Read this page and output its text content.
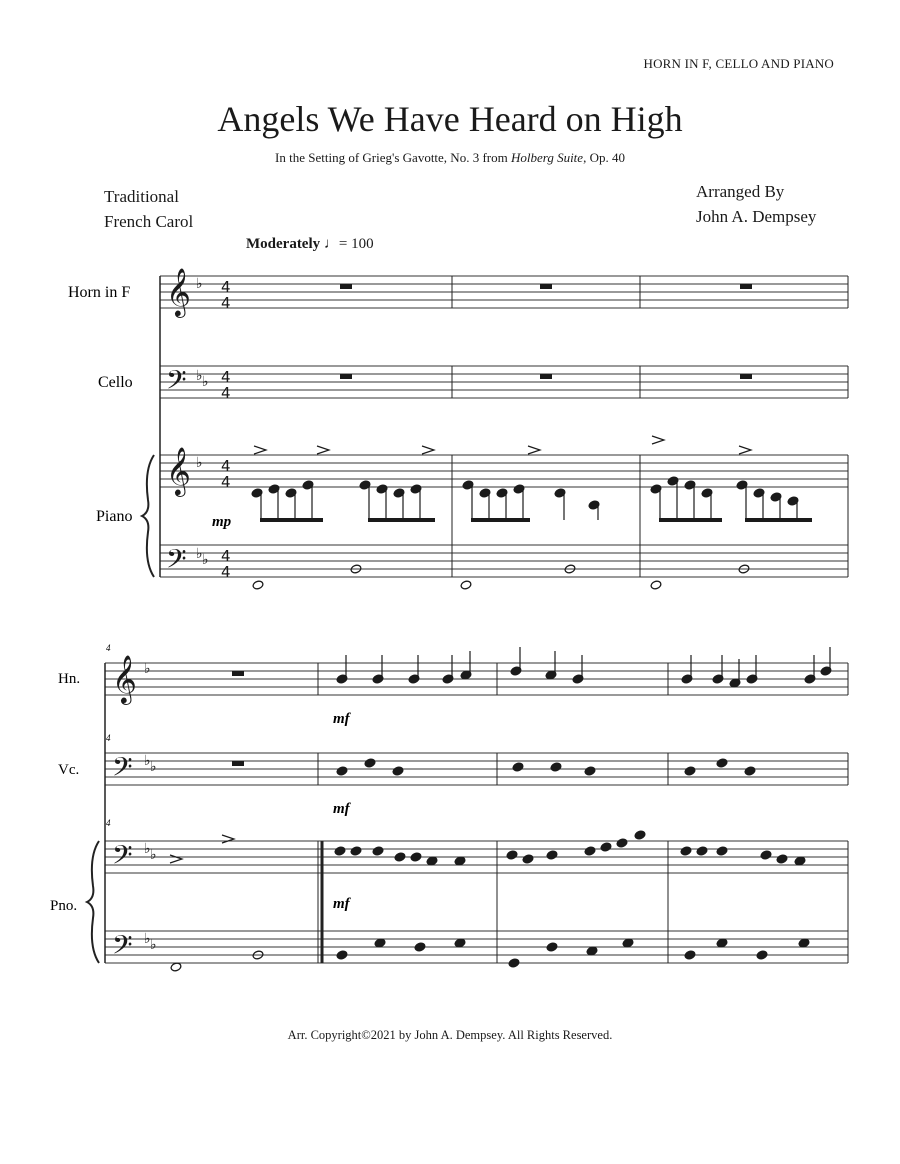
HORN IN F, CELLO AND PIANO
Angels We Have Heard on High
In the Setting of Grieg's Gavotte, No. 3 from Holberg Suite, Op. 40
Traditional
French Carol
Arranged By
John A. Dempsey
Moderately ♩= 100
𝄞
𝄢
𝄞
𝄢
𝄞
𝄢
𝄢
𝄢
♭
♭
♭
♭
♭
♭
♭
♭
♭
♭
♭
♭
♭
4
4
4
4
4
4
4
4
Horn in F
Cello
Piano	mp
4
4
4
Hn.
Vc.
Pno.
mf
mf
mf
Arr. Copyright©2021 by John A. Dempsey. All Rights Reserved.
